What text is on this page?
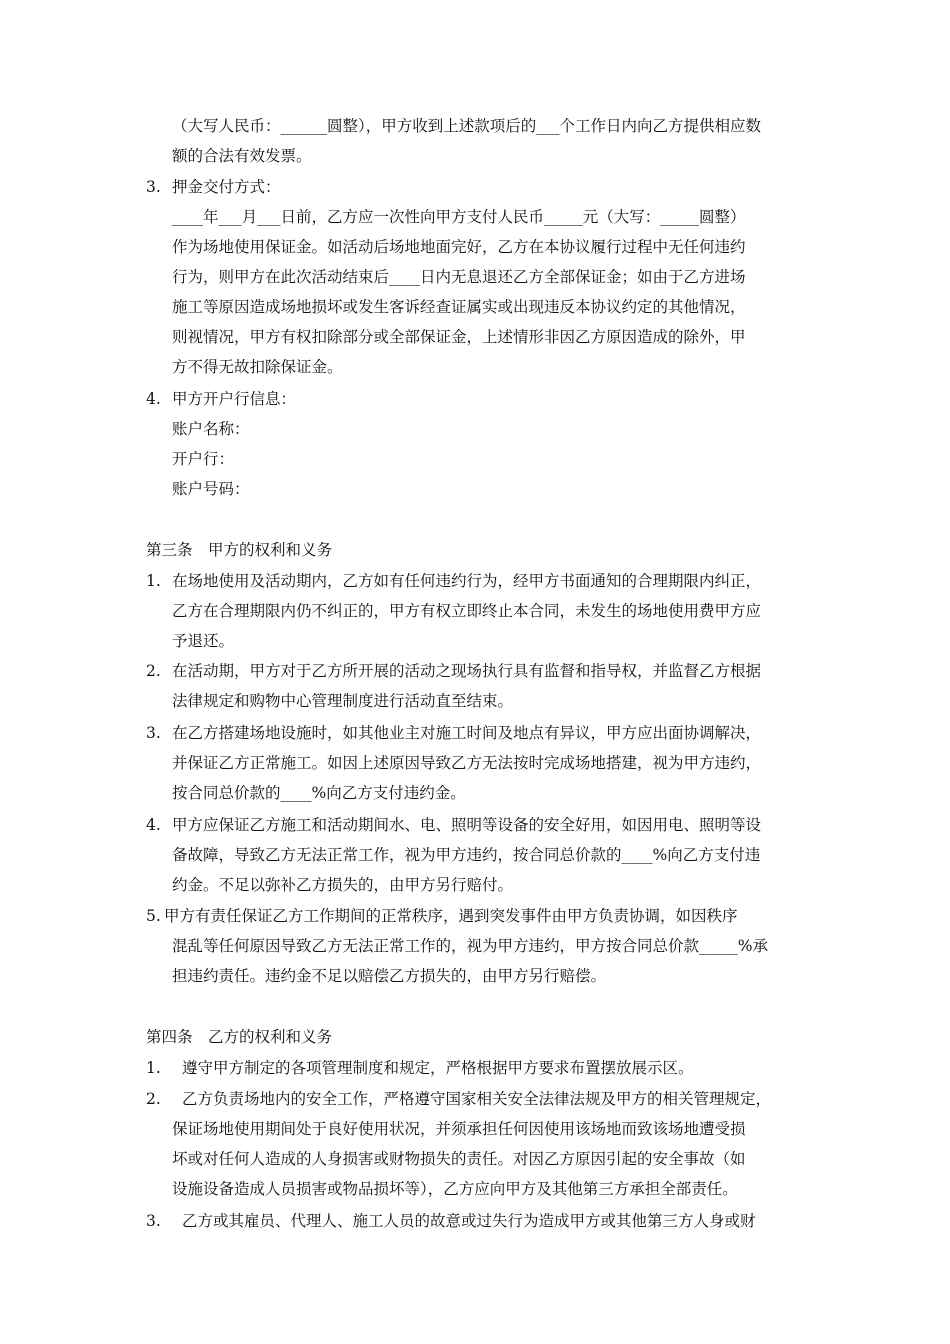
（大写人民币：______圆整），甲方收到上述款项后的___个工作日内向乙方提供相应数
额的合法有效发票。
3. 押金交付方式：
____年___月___日前，乙方应一次性向甲方支付人民币_____元（大写：_____圆整）
作为场地使用保证金。如活动后场地地面完好，乙方在本协议履行过程中无任何违约
行为，则甲方在此次活动结束后____日内无息退还乙方全部保证金；如由于乙方进场
施工等原因造成场地损坏或发生客诉经查证属实或出现违反本协议约定的其他情况，
则视情况，甲方有权扣除部分或全部保证金，上述情形非因乙方原因造成的除外，甲
方不得无故扣除保证金。
4. 甲方开户行信息：
账户名称：
开户行：
账户号码：
第三条　甲方的权利和义务
1. 在场地使用及活动期内，乙方如有任何违约行为，经甲方书面通知的合理期限内纠正，
乙方在合理期限内仍不纠正的，甲方有权立即终止本合同，未发生的场地使用费甲方应
予退还。
2. 在活动期，甲方对于乙方所开展的活动之现场执行具有监督和指导权，并监督乙方根据
法律规定和购物中心管理制度进行活动直至结束。
3. 在乙方搭建场地设施时，如其他业主对施工时间及地点有异议，甲方应出面协调解决，
并保证乙方正常施工。如因上述原因导致乙方无法按时完成场地搭建，视为甲方违约，
按合同总价款的____%向乙方支付违约金。
4. 甲方应保证乙方施工和活动期间水、电、照明等设备的安全好用，如因用电、照明等设
备故障，导致乙方无法正常工作，视为甲方违约，按合同总价款的____%向乙方支付违
约金。不足以弥补乙方损失的，由甲方另行赔付。
5. 甲方有责任保证乙方工作期间的正常秩序，遇到突发事件由甲方负责协调，如因秩序
混乱等任何原因导致乙方无法正常工作的，视为甲方违约，甲方按合同总价款_____%承
担违约责任。违约金不足以赔偿乙方损失的，由甲方另行赔偿。
第四条　乙方的权利和义务
1. 遵守甲方制定的各项管理制度和规定，严格根据甲方要求布置摆放展示区。
2. 乙方负责场地内的安全工作，严格遵守国家相关安全法律法规及甲方的相关管理规定，
保证场地使用期间处于良好使用状况，并须承担任何因使用该场地而致该场地遭受损
坏或对任何人造成的人身损害或财物损失的责任。对因乙方原因引起的安全事故（如
设施设备造成人员损害或物品损坏等），乙方应向甲方及其他第三方承担全部责任。
3. 乙方或其雇员、代理人、施工人员的故意或过失行为造成甲方或其他第三方人身或财
